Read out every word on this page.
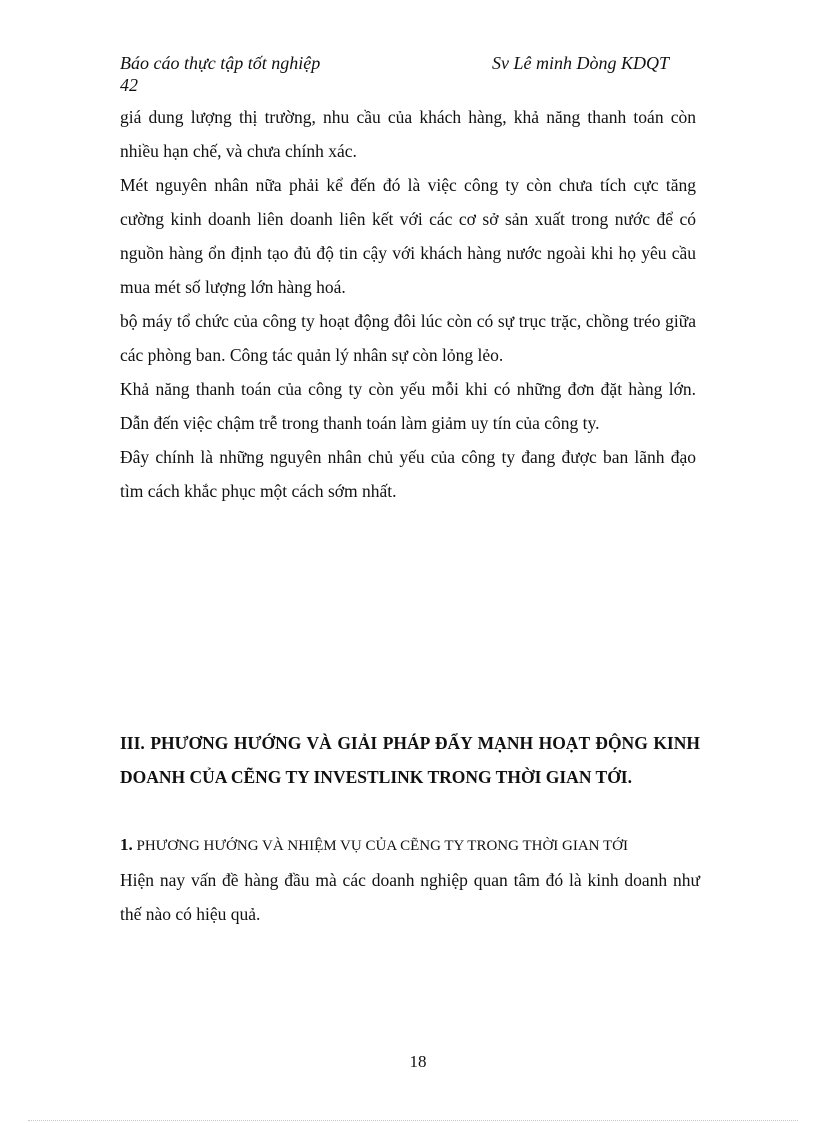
Báo cáo thực tập tốt nghiệp	Sv Lê minh Dòng KDQT
42

giá dung lượng thị trường, nhu cầu của khách hàng, khả năng thanh toán còn nhiều hạn chế, và chưa chính xác.

Mét nguyên nhân nữa phải kể đến đó là việc công ty còn chưa tích cực tăng cường kinh doanh liên doanh liên kết với các cơ sở sản xuất trong nước để có nguồn hàng ổn định tạo đủ độ tin cậy với khách hàng nước ngoài khi họ yêu cầu mua mét số lượng lớn hàng hoá.

bộ máy tổ chức của công ty hoạt động đôi lúc còn có sự trục trặc, chồng tréo giữa các phòng ban. Công tác quản lý nhân sự còn lỏng lẻo.

Khả năng thanh toán của công ty còn yếu mỗi khi có những đơn đặt hàng lớn. Dẫn đến việc chậm trễ trong thanh toán làm giảm uy tín của công ty.

Đây chính là những nguyên nhân chủ yếu của công ty đang được ban lãnh đạo tìm cách khắc phục một cách sớm nhất.

III. PHƯƠNG HƯỚNG VÀ GIẢI PHÁP ĐẨY MẠNH HOẠT ĐỘNG KINH DOANH CỦA CẼNG TY INVESTLINK TRONG THỜI GIAN TỚI.
1. PHƯƠNG HƯỚNG VÀ NHIỆM VỤ CỦA CẼNG TY TRONG THỜI GIAN TỚI

Hiện nay vấn đề hàng đầu mà các doanh nghiệp quan tâm đó là kinh doanh như thế nào có hiệu quả.

18
